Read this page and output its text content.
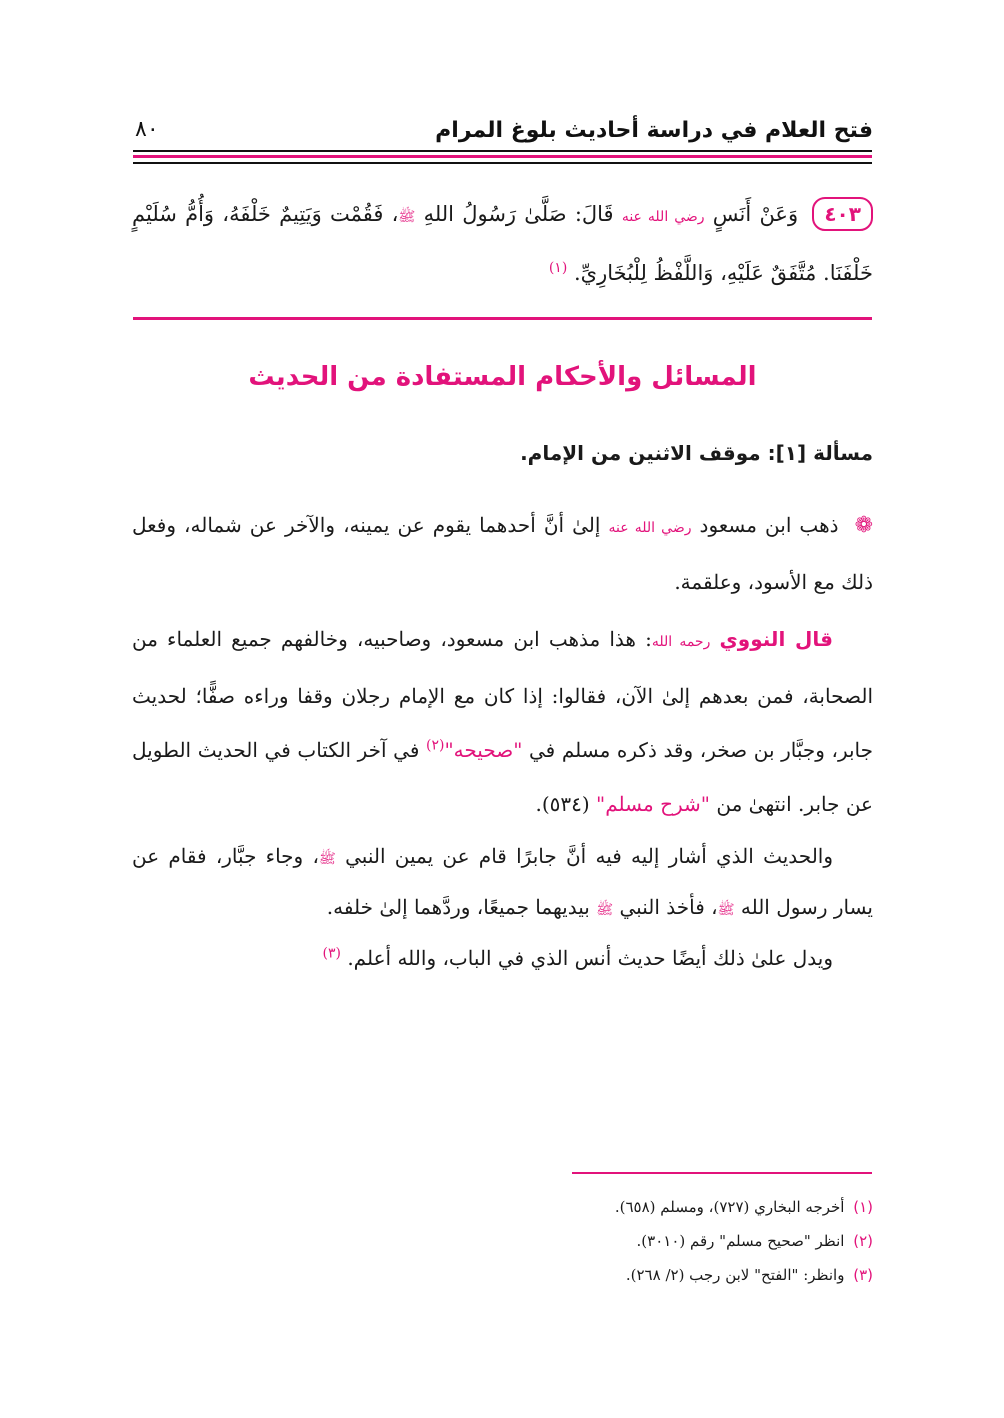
فتح العلام في دراسة أحاديث بلوغ المرام
٨٠
٤٠٣ وَعَنْ أَنَسٍ رضي الله عنه قَالَ: صَلَّىٰ رَسُولُ اللهِ ﷺ، فَقُمْت وَيَتِيمٌ خَلْفَهُ، وَأُمُّ سُلَيْمٍ خَلْفَنَا. مُتَّفَقٌ عَلَيْهِ، وَاللَّفْظُ لِلْبُخَارِيِّ. $^{(١)}$
المسائل والأحكام المستفادة من الحديث
مسألة [١]: موقف الاثنين من الإمام.
❁ ذهب ابن مسعود رضي الله عنه إلىٰ أنَّ أحدهما يقوم عن يمينه، والآخر عن شماله، وفعل ذلك مع الأسود، وعلقمة.
قال النووي رحمه الله: هذا مذهب ابن مسعود، وصاحبيه، وخالفهم جميع العلماء من الصحابة، فمن بعدهم إلىٰ الآن، فقالوا: إذا كان مع الإمام رجلان وقفا وراءه صفًّا؛ لحديث جابر، وجبَّار بن صخر، وقد ذكره مسلم في "صحيحه"$^{(٢)}$ في آخر الكتاب في الحديث الطويل عن جابر. انتهىٰ من "شرح مسلم" (٥٣٤).
والحديث الذي أشار إليه فيه أنَّ جابرًا قام عن يمين النبي ﷺ، وجاء جبَّار، فقام عن يسار رسول الله ﷺ، فأخذ النبي ﷺ بيديهما جميعًا، وردَّهما إلىٰ خلفه.
ويدل علىٰ ذلك أيضًا حديث أنس الذي في الباب، والله أعلم. $^{(٣)}$
(١) أخرجه البخاري (٧٢٧)، ومسلم (٦٥٨).
(٢) انظر "صحيح مسلم" رقم (٣٠١٠).
(٣) وانظر: "الفتح" لابن رجب (٢/ ٢٦٨).
